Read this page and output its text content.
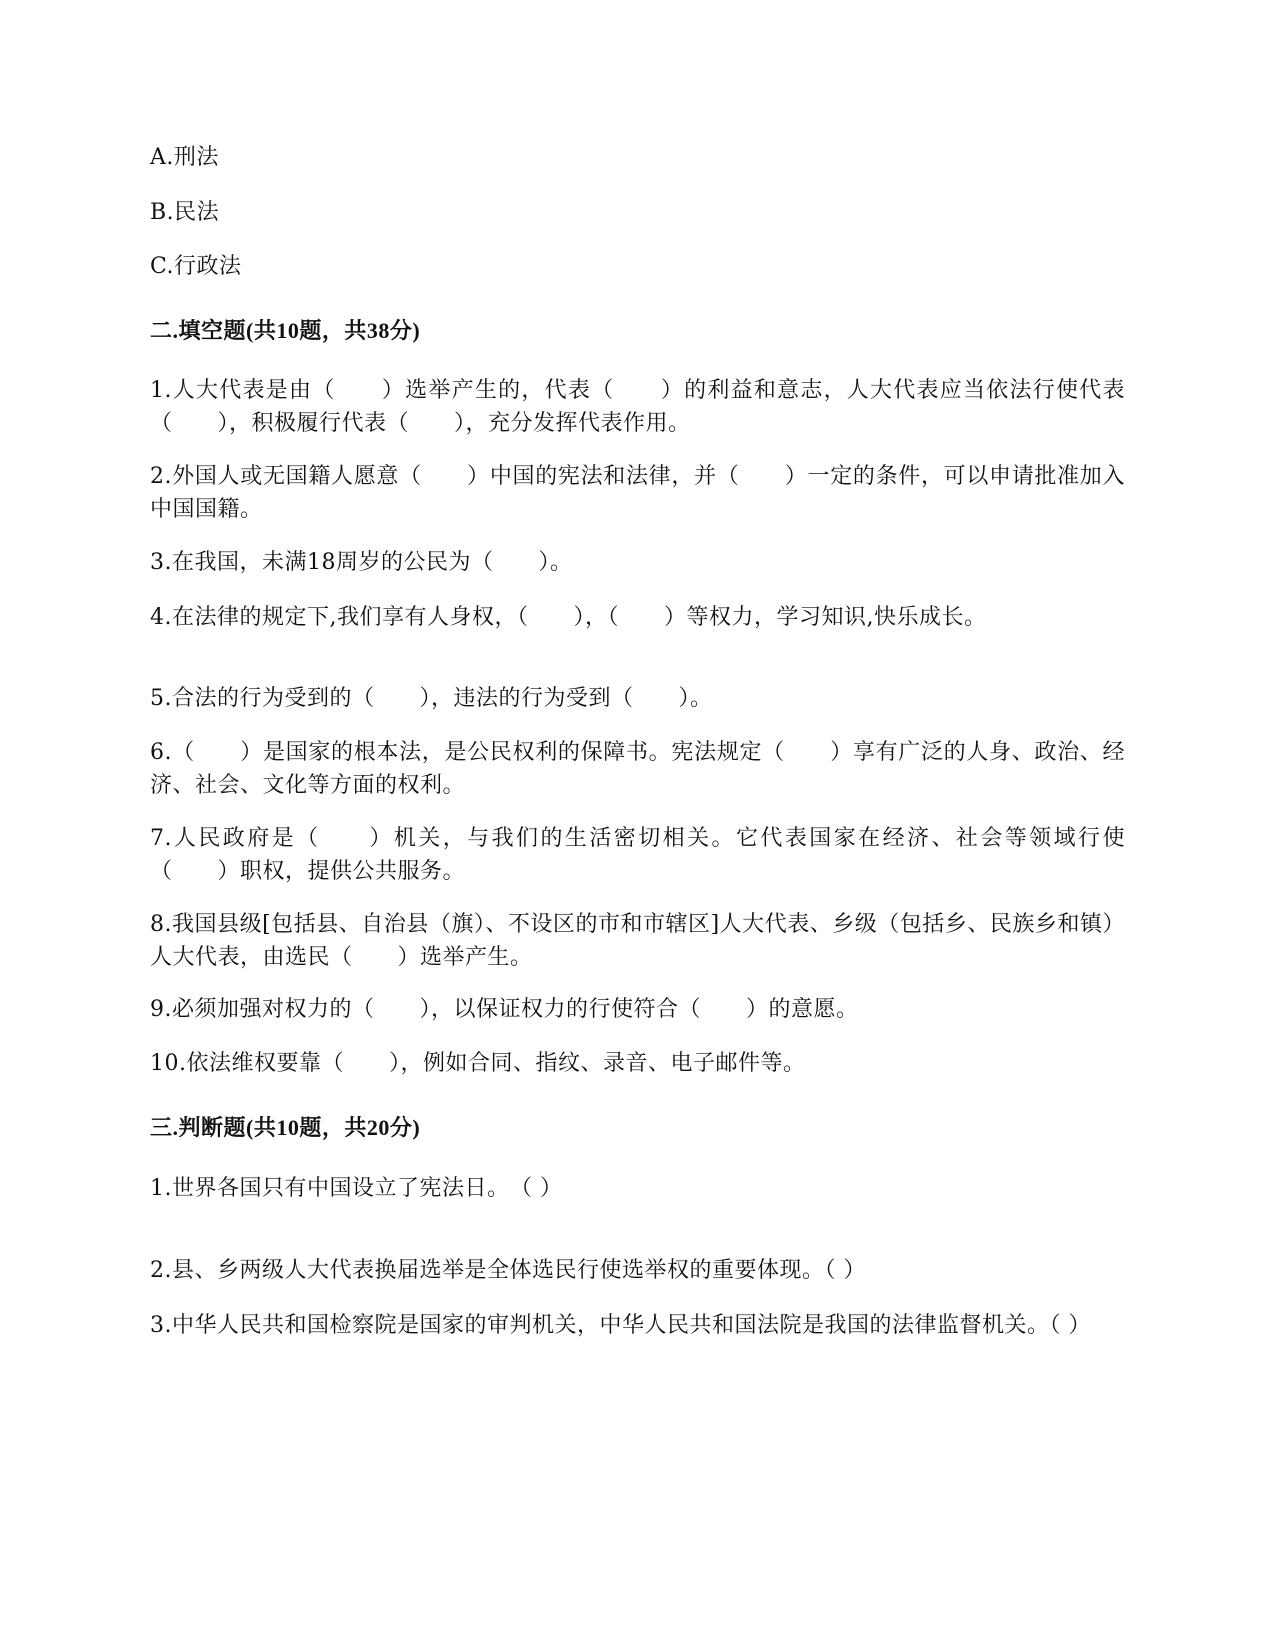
A.刑法
B.民法
C.行政法
二.填空题(共10题，共38分)
1.人大代表是由（　　）选举产生的，代表（　　）的利益和意志，人大代表应当依法行使代表（　　），积极履行代表（　　），充分发挥代表作用。
2.外国人或无国籍人愿意（　　）中国的宪法和法律，并（　　）一定的条件，可以申请批准加入中国国籍。
3.在我国，未满18周岁的公民为（　　）。
4.在法律的规定下,我们享有人身权，（　　），（　　）等权力，学习知识,快乐成长。
5.合法的行为受到的（　　），违法的行为受到（　　）。
6.（　　）是国家的根本法，是公民权利的保障书。宪法规定（　　）享有广泛的人身、政治、经济、社会、文化等方面的权利。
7.人民政府是（　　）机关，与我们的生活密切相关。它代表国家在经济、社会等领域行使（　　）职权，提供公共服务。
8.我国县级[包括县、自治县（旗）、不设区的市和市辖区]人大代表、乡级（包括乡、民族乡和镇）人大代表，由选民（　　）选举产生。
9.必须加强对权力的（　　），以保证权力的行使符合（　　）的意愿。
10.依法维权要靠（　　），例如合同、指纹、录音、电子邮件等。
三.判断题(共10题，共20分)
1.世界各国只有中国设立了宪法日。　（ ）
2.县、乡两级人大代表换届选举是全体选民行使选举权的重要体现。（ ）
3.中华人民共和国检察院是国家的审判机关，中华人民共和国法院是我国的法律监督机关。（ ）
